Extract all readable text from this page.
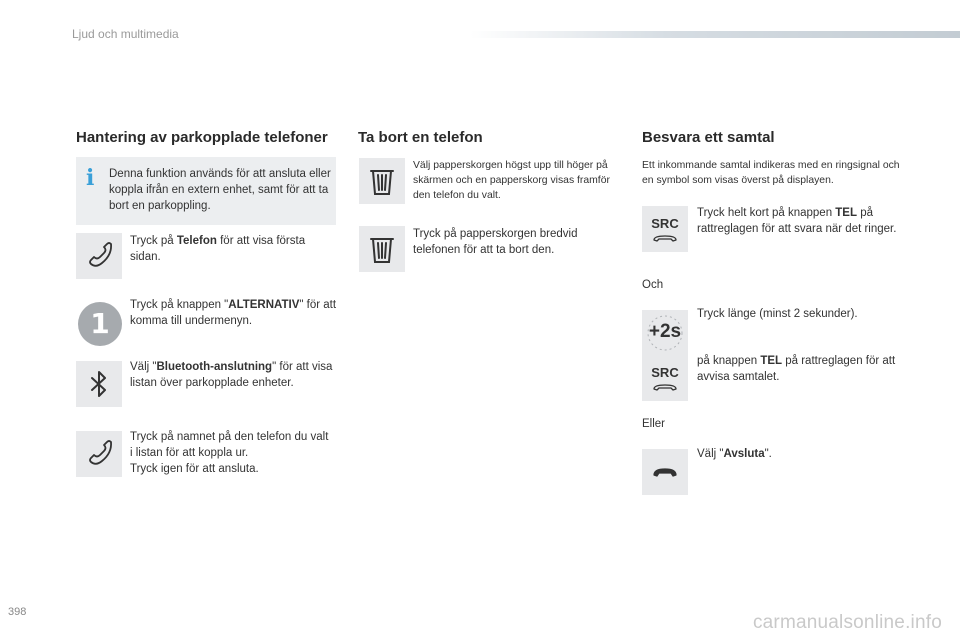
Ljud och multimedia
Hantering av parkopplade telefoner
i Denna funktion används för att ansluta eller koppla ifrån en extern enhet, samt för att ta bort en parkoppling.
Tryck på Telefon för att visa första sidan.
1
Tryck på knappen "ALTERNATIV" för att komma till undermenyn.
Välj "Bluetooth-anslutning" för att visa listan över parkopplade enheter.
Tryck på namnet på den telefon du valt i listan för att koppla ur.
Tryck igen för att ansluta.
Ta bort en telefon
Välj papperskorgen högst upp till höger på skärmen och en papperskorg visas framför den telefon du valt.
Tryck på papperskorgen bredvid telefonen för att ta bort den.
Besvara ett samtal
Ett inkommande samtal indikeras med en ringsignal och en symbol som visas överst på displayen.
SRC
Tryck helt kort på knappen TEL på rattreglagen för att svara när det ringer.
Och
+2s
Tryck länge (minst 2 sekunder).
SRC
på knappen TEL på rattreglagen för att avvisa samtalet.
Eller
Välj "Avsluta".
398	carmanualsonline.info
